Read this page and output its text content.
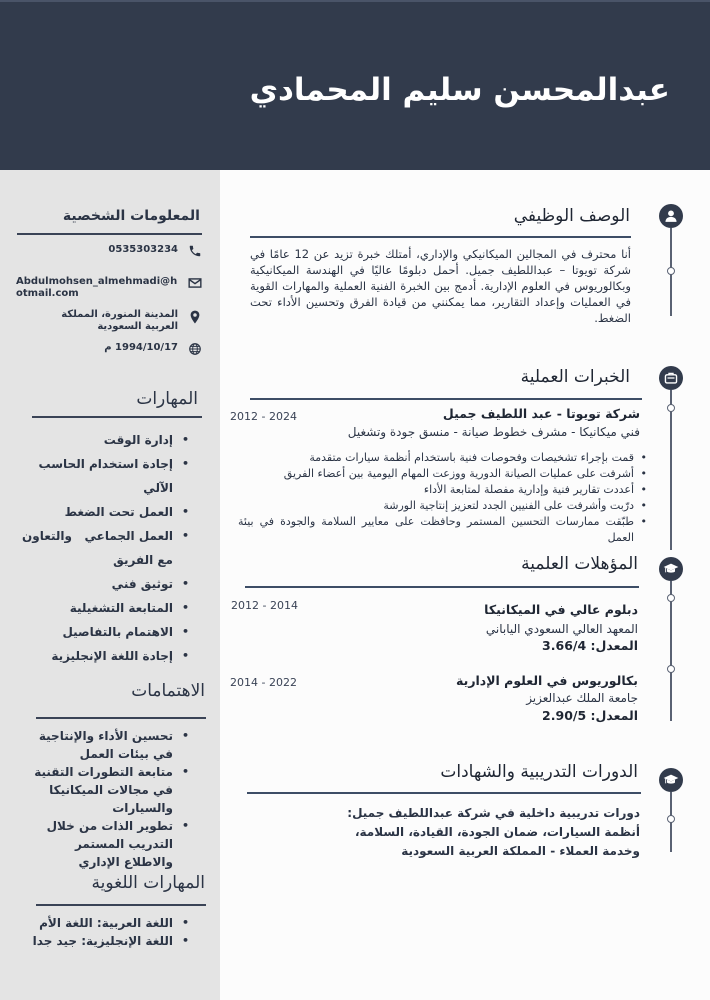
عبدالمحسن سليم المحمادي
المعلومات الشخصية
0535303234
Abdulmohsen_almehmadi@hotmail.com
المدينة المنورة، المملكة العربية السعودية
1994/10/17 م
المهارات
• إدارة الوقت
• إجادة استخدام الحاسب الآلي
• العمل تحت الضغط
• العمل الجماعي   والتعاون  مع الفريق
• توثيق فني
• المتابعة التشغيلية
• الاهتمام بالتفاصيل
• إجادة اللغة الإنجليزية
الاهتمامات
• تحسين الأداء والإنتاجية في بيئات العمل
• متابعة التطورات التقنية في مجالات الميكانيكا والسيارات
• تطوير الذات من خلال التدريب المستمر والاطلاع الإداري
المهارات اللغوية
• اللغة العربية: اللغة الأم
• اللغة الإنجليزية: جيد جدا
الوصف الوظيفي
أنا محترف في المجالين الميكانيكي والإداري، أمتلك خبرة تزيد عن 12 عامًا في شركة تويوتا – عبداللطيف جميل. أحمل دبلومًا عاليًا في الهندسة الميكانيكية وبكالوريوس في العلوم الإدارية. أدمج بين الخبرة الفنية العملية والمهارات القوية في العمليات وإعداد التقارير، مما يمكنني من قيادة الفرق وتحسين الأداء تحت الضغط.
الخبرات العملية
شركة تويوتا - عبد اللطيف جميل
2012 - 2024
فني ميكانيكا - مشرف خطوط صيانة - منسق جودة وتشغيل
• قمت بإجراء تشخيصات وفحوصات فنية باستخدام أنظمة سيارات متقدمة
• أشرفت على عمليات الصيانة الدورية ووزعت المهام اليومية بين أعضاء الفريق
• أعددت تقارير فنية وإدارية مفصلة لمتابعة الأداء
• درّبت وأشرفت على الفنيين الجدد لتعزيز إنتاجية الورشة
• طبّقت ممارسات التحسين المستمر وحافظت على معايير السلامة والجودة في بيئة العمل
المؤهلات العلمية
2012 - 2014	دبلوم عالي في الميكانيكا
المعهد العالي السعودي الياباني
المعدل: 3.66/4
2014 - 2022	بكالوريوس في العلوم الإدارية
جامعة الملك عبدالعزيز
المعدل: 2.90/5
الدورات التدريبية والشهادات
دورات تدريبية داخلية في شركة عبداللطيف جميل: أنظمة السيارات، ضمان الجودة، القيادة، السلامة، وخدمة العملاء - المملكة العربية السعودية
